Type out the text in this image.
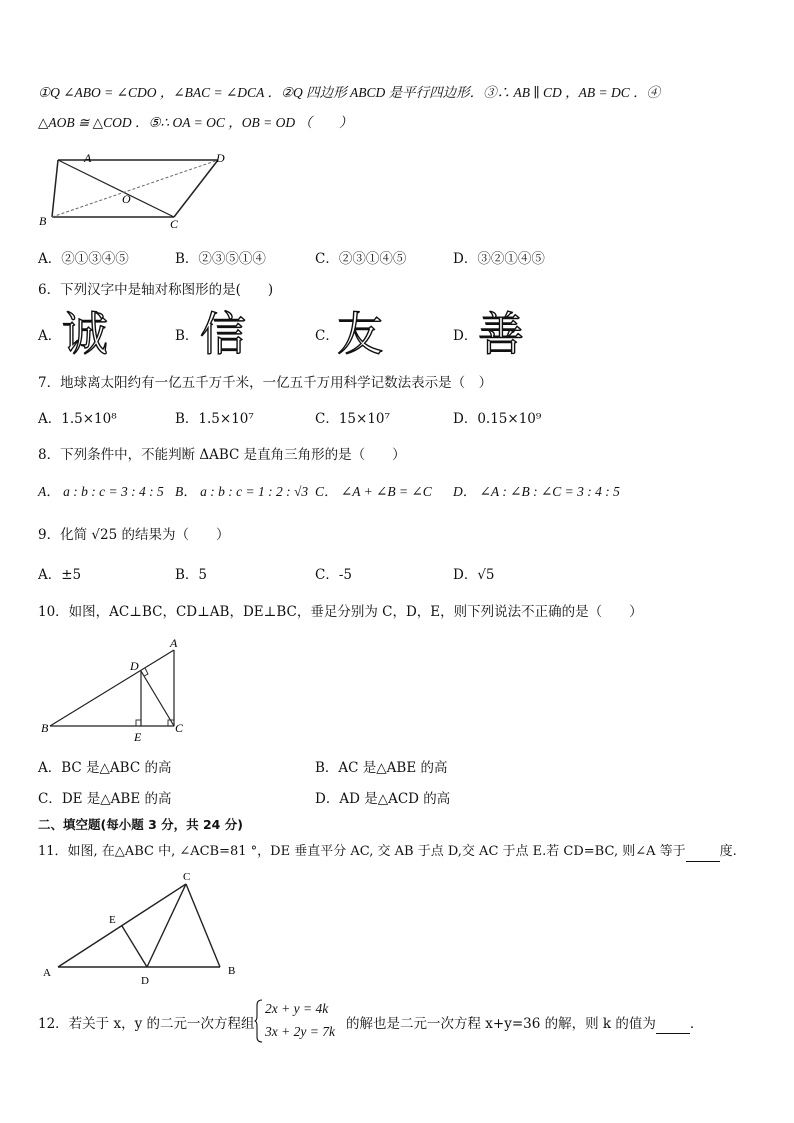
①Q ∠ABO = ∠CDO ，∠BAC = ∠DCA ．②Q 四边形 ABCD 是平行四边形．③∴ AB ∥ CD ，AB = DC ．④
△AOB ≅ △COD ．⑤∴ OA = OC ，OB = OD （　　）
A
B	C
D
O
A．②①③④⑤	B．②③⑤①④	C．②③①④⑤	D．③②①④⑤
6．下列汉字中是轴对称图形的是(　　)
A． 诚	B． 信	C．
友	D． 善
7．地球离太阳约有一亿五千万千米，一亿五千万用科学记数法表示是（　）
A．1.5×10⁸	B．1.5×10⁷	C．15×10⁷	D．0.15×10⁹
8．下列条件中，不能判断 ΔABC 是直角三角形的是（　　）
A． a : b : c = 3 : 4 : 5 B． a : b : c = 1 : 2 : √3 C． ∠A + ∠B = ∠C D． ∠A : ∠B : ∠C = 3 : 4 : 5
9．化简 √25 的结果为（　　）
A．±5	B．5	C．-5	D．√5
10．如图，AC⊥BC，CD⊥AB，DE⊥BC，垂足分别为 C，D，E，则下列说法不正确的是（　　）
A
B	C
D
E
A．BC 是△ABC 的高	B．AC 是△ABE 的高
C．DE 是△ABE 的高	D．AD 是△ACD 的高
二、填空题(每小题 3 分，共 24 分)
11．如图, 在△ABC 中, ∠ACB=81 °，DE 垂直平分 AC, 交 AB 于点 D,交 AC 于点 E.若 CD=BC, 则∠A 等于	度.
A	B
C
D
E
12．若关于 x，y 的二元一次方程组
2x + y = 4k
3x + 2y = 7k 的解也是二元一次方程 x+y=36 的解，则 k 的值为	．
